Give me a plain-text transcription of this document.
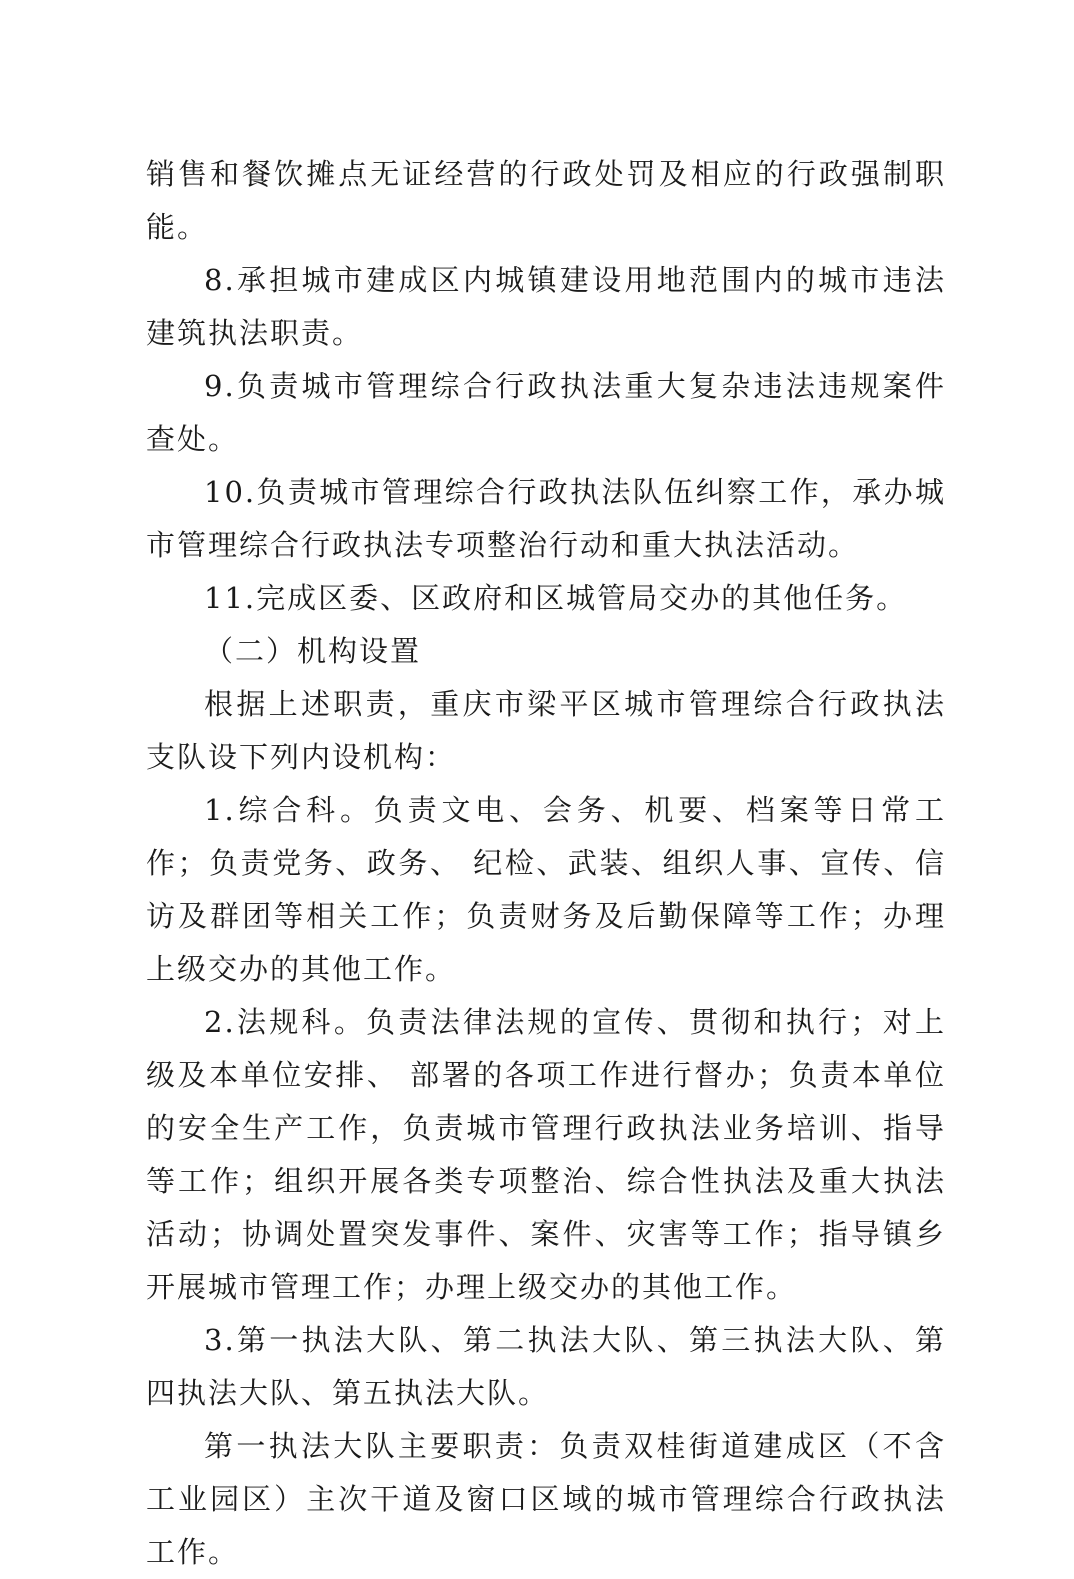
销售和餐饮摊点无证经营的行政处罚及相应的行政强制职能。

8.承担城市建成区内城镇建设用地范围内的城市违法建筑执法职责。

9.负责城市管理综合行政执法重大复杂违法违规案件查处。

10.负责城市管理综合行政执法队伍纠察工作，承办城市管理综合行政执法专项整治行动和重大执法活动。

11.完成区委、区政府和区城管局交办的其他任务。

（二）机构设置

根据上述职责，重庆市梁平区城市管理综合行政执法支队设下列内设机构：

1.综合科。负责文电、会务、机要、档案等日常工作；负责党务、政务、 纪检、武装、组织人事、宣传、信访及群团等相关工作；负责财务及后勤保障等工作；办理上级交办的其他工作。

2.法规科。负责法律法规的宣传、贯彻和执行；对上级及本单位安排、 部署的各项工作进行督办；负责本单位的安全生产工作，负责城市管理行政执法业务培训、指导等工作；组织开展各类专项整治、综合性执法及重大执法活动；协调处置突发事件、案件、灾害等工作；指导镇乡开展城市管理工作；办理上级交办的其他工作。

3.第一执法大队、第二执法大队、第三执法大队、第四执法大队、第五执法大队。

第一执法大队主要职责：负责双桂街道建成区（不含工业园区）主次干道及窗口区域的城市管理综合行政执法工作。
